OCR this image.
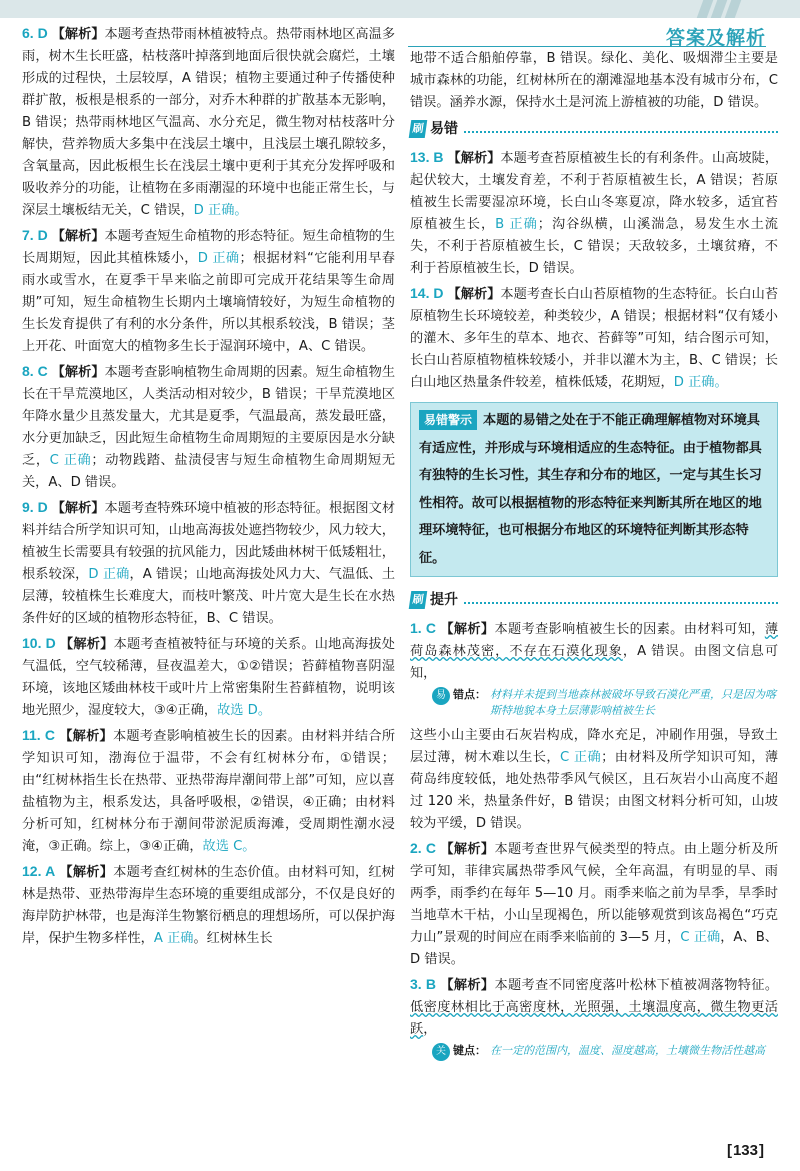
答案及解析

6. D 【解析】本题考查热带雨林植被特点。热带雨林地区高温多雨，树木生长旺盛，枯枝落叶掉落到地面后很快就会腐烂，土壤形成的过程快，土层较厚，A 错误；植物主要通过种子传播使种群扩散，板根是根系的一部分，对乔木种群的扩散基本无影响，B 错误；热带雨林地区气温高、水分充足，微生物对枯枝落叶分解快，营养物质大多集中在浅层土壤中，且浅层土壤孔隙较多，含氧量高，因此板根生长在浅层土壤中更利于其充分发挥呼吸和吸收养分的功能，让植物在多雨潮湿的环境中也能正常生长，与深层土壤板结无关，C 错误，D 正确。

7. D 【解析】本题考查短生命植物的形态特征。短生命植物的生长周期短，因此其植株矮小，D 正确；根据材料“它能利用早春雨水或雪水，在夏季干旱来临之前即可完成开花结果等生命周期”可知，短生命植物生长期内土壤墒情较好，为短生命植物的生长发育提供了有利的水分条件，所以其根系较浅，B 错误；茎上开花、叶面宽大的植物多生长于湿润环境中，A、C 错误。

8. C 【解析】本题考查影响植物生命周期的因素。短生命植物生长在干旱荒漠地区，人类活动相对较少，B 错误；干旱荒漠地区年降水量少且蒸发量大，尤其是夏季，气温最高，蒸发最旺盛，水分更加缺乏，因此短生命植物生命周期短的主要原因是水分缺乏，C 正确；动物践踏、盐渍侵害与短生命植物生命周期短无关，A、D 错误。

9. D 【解析】本题考查特殊环境中植被的形态特征。根据图文材料并结合所学知识可知，山地高海拔处遮挡物较少，风力较大，植被生长需要具有较强的抗风能力，因此矮曲林树干低矮粗壮，根系较深，D 正确，A 错误；山地高海拔处风力大、气温低、土层薄，较植株生长难度大，而枝叶繁茂、叶片宽大是生长在水热条件好的区域的植物形态特征，B、C 错误。

10. D 【解析】本题考查植被特征与环境的关系。山地高海拔处气温低，空气较稀薄，昼夜温差大，①②错误；苔藓植物喜阴湿环境，该地区矮曲林枝干或叶片上常密集附生苔藓植物，说明该地光照少，湿度较大，③④正确，故选 D。

11. C 【解析】本题考查影响植被生长的因素。由材料并结合所学知识可知，渤海位于温带，不会有红树林分布，①错误；由“红树林指生长在热带、亚热带海岸潮间带上部”可知，应以喜盐植物为主，根系发达，具备呼吸根，②错误，④正确；由材料分析可知，红树林分布于潮间带淤泥质海滩，受周期性潮水浸淹，③正确。综上，③④正确，故选 C。

12. A 【解析】本题考查红树林的生态价值。由材料可知，红树林是热带、亚热带海岸生态环境的重要组成部分，不仅是良好的海岸防护林带，也是海洋生物繁衍栖息的理想场所，可以保护海岸，保护生物多样性，A 正确。红树林生长

地带不适合船舶停靠，B 错误。绿化、美化、吸烟滞尘主要是城市森林的功能，红树林所在的潮滩湿地基本没有城市分布，C 错误。涵养水源，保持水土是河流上游植被的功能，D 错误。

刷 易错

13. B 【解析】本题考查苔原植被生长的有利条件。山高坡陡，起伏较大，土壤发育差，不利于苔原植被生长，A 错误；苔原植被生长需要湿凉环境，长白山冬寒夏凉，降水较多，适宜苔原植被生长，B 正确；沟谷纵横，山溪湍急，易发生水土流失，不利于苔原植被生长，C 错误；天敌较多，土壤贫瘠，不利于苔原植被生长，D 错误。

14. D 【解析】本题考查长白山苔原植物的生态特征。长白山苔原植物生长环境较差，种类较少，A 错误；根据材料“仅有矮小的灌木、多年生的草本、地衣、苔藓等”可知，结合图示可知，长白山苔原植物植株较矮小，并非以灌木为主，B、C 错误；长白山地区热量条件较差，植株低矮，花期短，D 正确。

易错警示 本题的易错之处在于不能正确理解植物对环境具有适应性，并形成与环境相适应的生态特征。由于植物都具有独特的生长习性，其生存和分布的地区，一定与其生长习性相符。故可以根据植物的形态特征来判断其所在地区的地理环境特征，也可根据分布地区的环境特征判断其形态特征。
刷 提升

1. C 【解析】本题考查影响植被生长的因素。由材料可知，薄荷岛森林茂密，不存在石漠化现象，A 错误。由图文信息可知，

易 错点： 材料并未提到当地森林被破坏导致石漠化严重，只是因为喀斯特地貌本身土层薄影响植被生长

这些小山主要由石灰岩构成，降水充足，冲刷作用强，导致土层过薄，树木难以生长，C 正确；由材料及所学知识可知，薄荷岛纬度较低，地处热带季风气候区，且石灰岩小山高度不超过 120 米，热量条件好，B 错误；由图文材料分析可知，山坡较为平缓，D 错误。

2. C 【解析】本题考查世界气候类型的特点。由上题分析及所学可知，菲律宾属热带季风气候，全年高温，有明显的旱、雨两季，雨季约在每年 5—10 月。雨季来临之前为旱季，旱季时当地草木干枯，小山呈现褐色，所以能够观赏到该岛褐色“巧克力山”景观的时间应在雨季来临前的 3—5 月，C 正确，A、B、D 错误。

3. B 【解析】本题考查不同密度落叶松林下植被凋落物特征。低密度林相比于高密度林，光照强，土壤温度高，微生物更活跃，

关 键点： 在一定的范围内，温度、湿度越高，土壤微生物活性越高
[ 133 ]
